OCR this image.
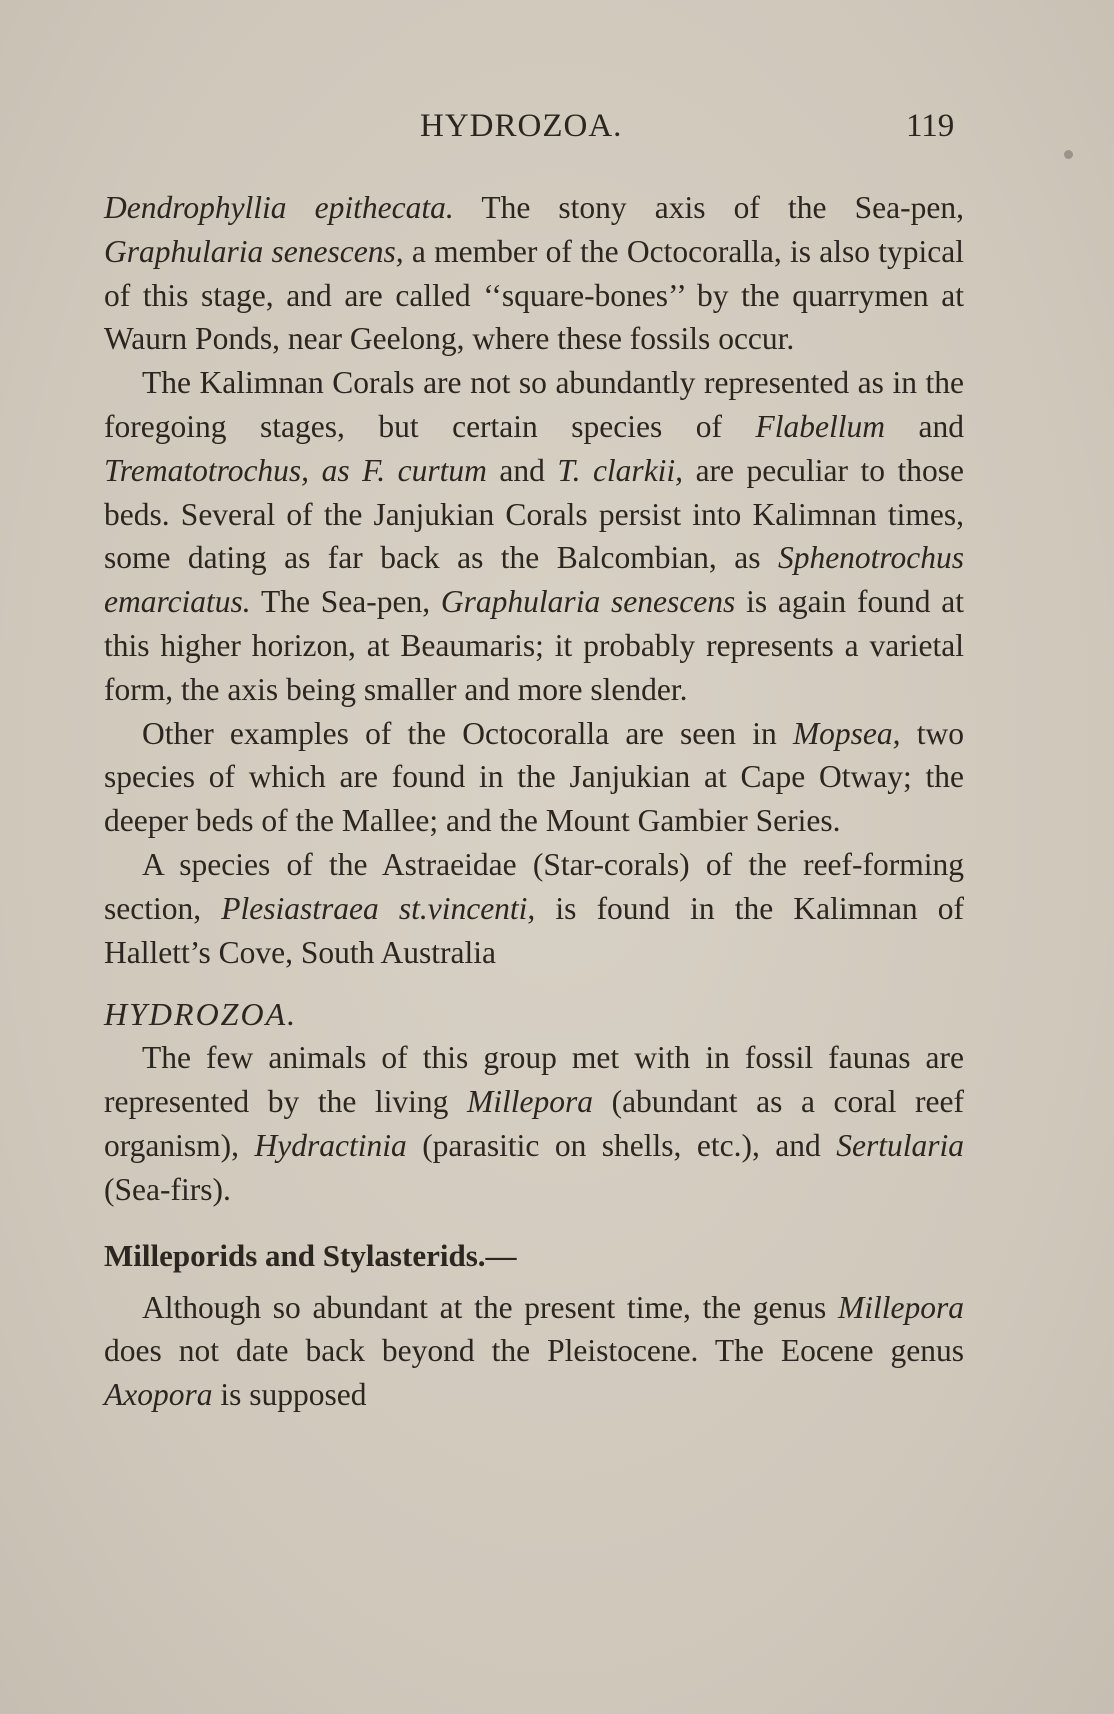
HYDROZOA.	119

Dendrophyllia epithecata. The stony axis of the Sea-pen, Graphularia senescens, a member of the Octocoralla, is also typical of this stage, and are called ‘‘square-bones’’ by the quarrymen at Waurn Ponds, near Geelong, where these fossils occur.

The Kalimnan Corals are not so abundantly represented as in the foregoing stages, but certain species of Flabellum and Trematotrochus, as F. curtum and T. clarkii, are peculiar to those beds. Several of the Janjukian Corals persist into Kalimnan times, some dating as far back as the Balcombian, as Sphenotrochus emarciatus. The Sea-pen, Graphularia senescens is again found at this higher horizon, at Beaumaris; it probably represents a varietal form, the axis being smaller and more slender.

Other examples of the Octocoralla are seen in Mopsea, two species of which are found in the Janjukian at Cape Otway; the deeper beds of the Mallee; and the Mount Gambier Series.

A species of the Astraeidae (Star-corals) of the reef-forming section, Plesiastraea st.vincenti, is found in the Kalimnan of Hallett’s Cove, South Australia

HYDROZOA.

The few animals of this group met with in fossil faunas are represented by the living Millepora (abundant as a coral reef organism), Hydractinia (parasitic on shells, etc.), and Sertularia (Sea-firs).

Milleporids and Stylasterids.—

Although so abundant at the present time, the genus Millepora does not date back beyond the Pleistocene. The Eocene genus Axopora is supposed
